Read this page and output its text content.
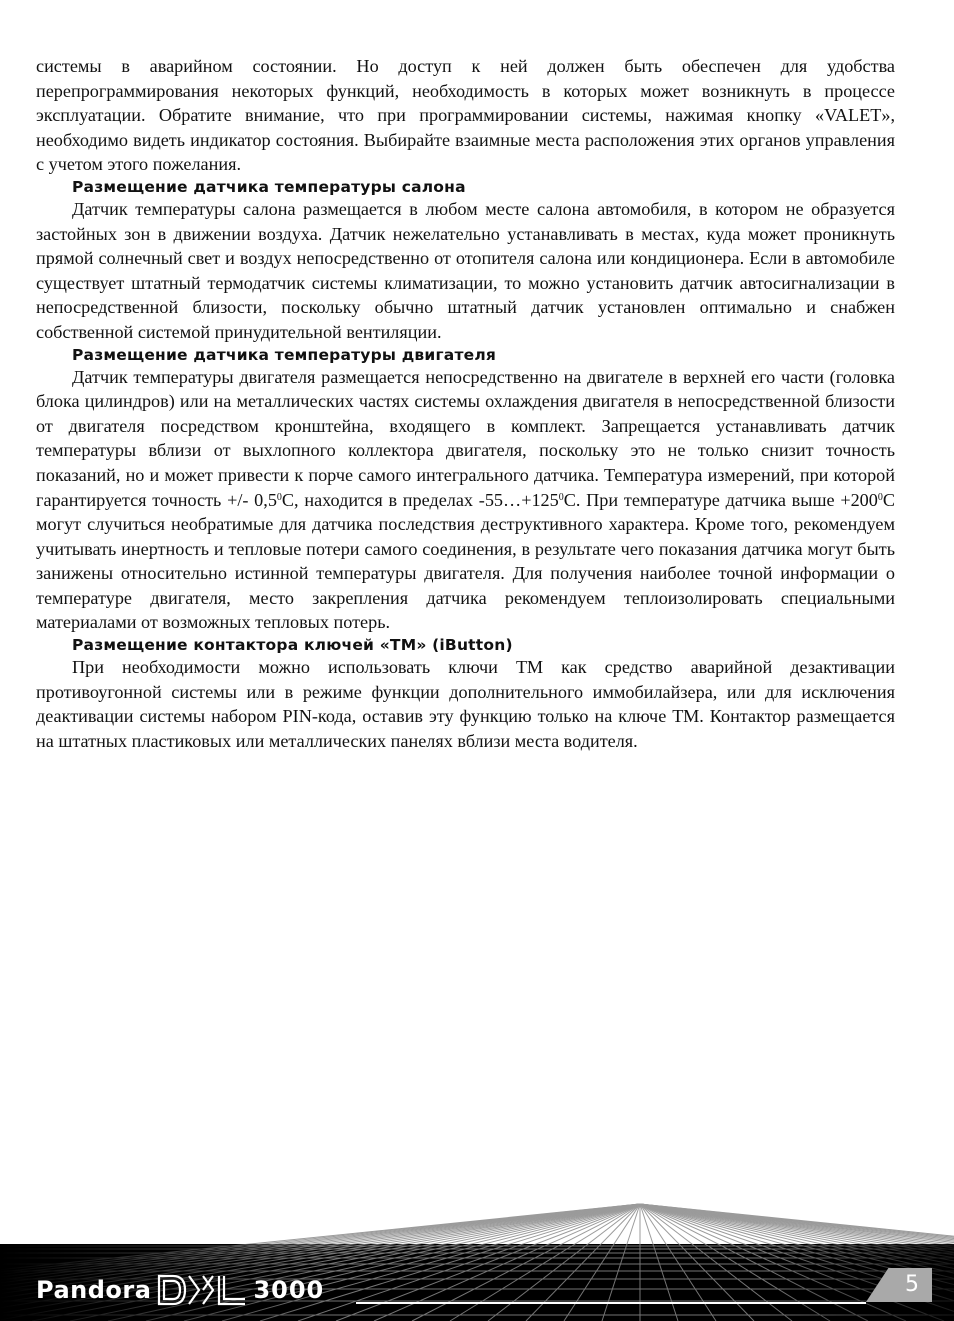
системы в аварийном состоянии. Но доступ к ней должен быть обеспечен для удобства перепрограммирования некоторых функций, необходимость в которых может возникнуть в процессе эксплуатации. Обратите внимание, что при программировании системы, нажимая кнопку «VALET», необходимо видеть индикатор состояния. Выбирайте взаимные места расположения этих органов управления с учетом этого пожелания.

Размещение датчика температуры салона

Датчик температуры салона размещается в любом месте салона автомобиля, в котором не образуется застойных зон в движении воздуха. Датчик нежелательно устанавливать в местах, куда может проникнуть прямой солнечный свет и воздух непосредственно от отопителя салона или кондиционера. Если в автомобиле существует штатный термодатчик системы климатизации, то можно установить датчик автосигнализации в непосредственной близости, поскольку обычно штатный датчик установлен оптимально и снабжен собственной системой принудительной вентиляции.

Размещение датчика температуры двигателя

Датчик температуры двигателя размещается непосредственно на двигателе в верхней его части (головка блока цилиндров) или на металлических частях системы охлаждения двигателя в непосредственной близости от двигателя посредством кронштейна, входящего в комплект. Запрещается устанавливать датчик температуры вблизи от выхлопного коллектора двигателя, поскольку это не только снизит точность показаний, но и может привести к порче самого интегрального датчика. Температура измерений, при которой гарантируется точность +/- $0,5^0С$, находится в пределах $-55\dots+125^0С$. При температуре датчика выше $+200^0С$ могут случиться необратимые для датчика последствия деструктивного характера. Кроме того, рекомендуем учитывать инертность и тепловые потери самого соединения, в результате чего показания датчика могут быть занижены относительно истинной температуры двигателя. Для получения наиболее точной информации о температуре двигателя, место закрепления датчика рекомендуем теплоизолировать специальными материалами от возможных тепловых потерь.

Размещение контактора ключей «ТМ» (iButton)

При необходимости можно использовать ключи ТМ как средство аварийной дезактивации противоугонной системы или в режиме функции дополнительного иммобилайзера, или для исключения деактивации системы набором PIN-кода, оставив эту функцию только на ключе ТМ. Контактор размещается на штатных пластиковых или металлических панелях вблизи места водителя.

Pandora	3000	5
